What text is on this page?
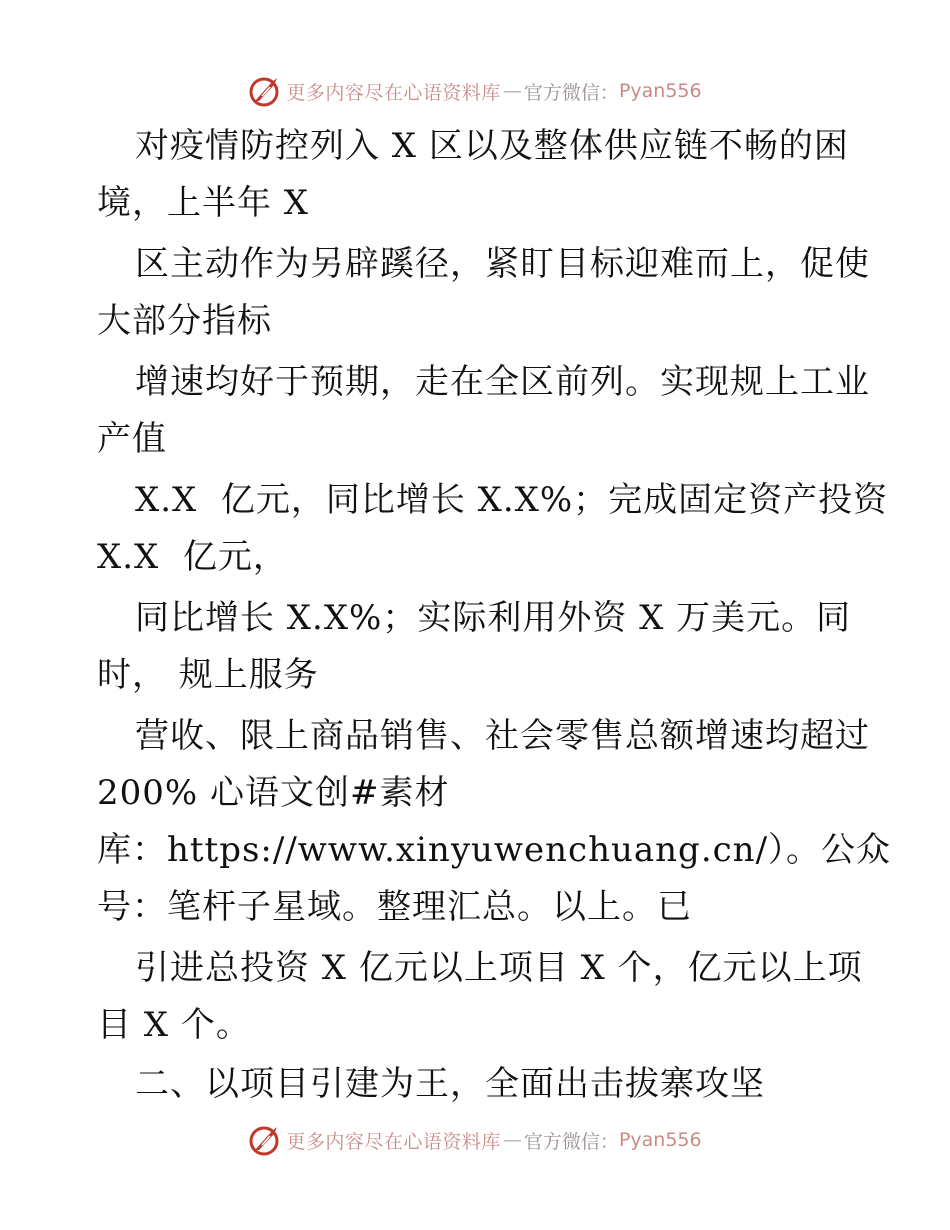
更多内容尽在心语资料库 — 官方微信： Pyan556
对疫情防控列入 X 区以及整体供应链不畅的困
境，上半年 X
区主动作为另辟蹊径，紧盯目标迎难而上，促使
大部分指标
增速均好于预期，走在全区前列。实现规上工业
产值
X.X  亿元，同比增长 X.X%；完成固定资产投资
X.X  亿元，
同比增长 X.X%；实际利用外资 X 万美元。同
时， 规上服务
营收、限上商品销售、社会零售总额增速均超过
200% 心语文创#素材
库：https://www.xinyuwenchuang.cn/）。公众
号：笔杆子星域。整理汇总。以上。已
引进总投资 X 亿元以上项目 X 个，亿元以上项
目 X 个。
二、以项目引建为王，全面出击拔寨攻坚
更多内容尽在心语资料库 — 官方微信： Pyan556
